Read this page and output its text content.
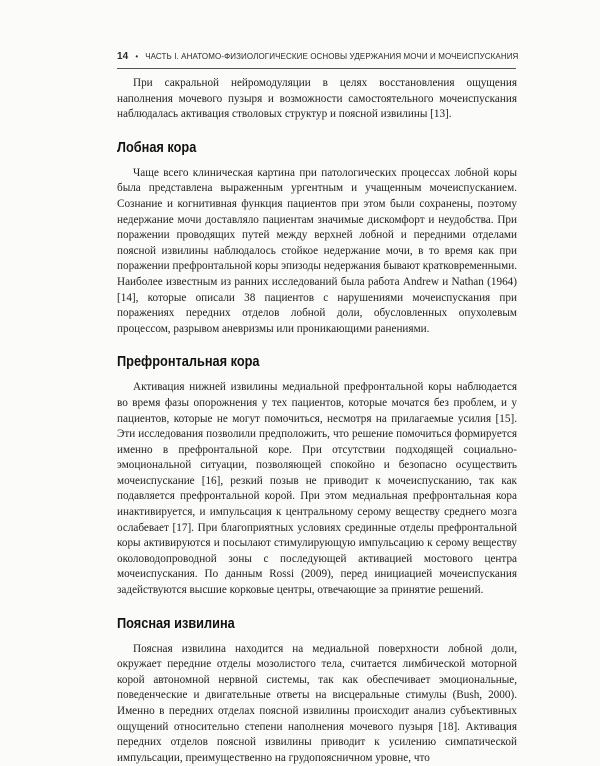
14 • ЧАСТЬ I. АНАТОМО-ФИЗИОЛОГИЧЕСКИЕ ОСНОВЫ УДЕРЖАНИЯ МОЧИ И МОЧЕИСПУСКАНИЯ

При сакральной нейромодуляции в целях восстановления ощущения наполнения мочевого пузыря и возможности самостоятельного мочеиспускания наблюдалась активация стволовых структур и поясной извилины [13].

Лобная кора

Чаще всего клиническая картина при патологических процессах лобной коры была представлена выраженным ургентным и учащенным мочеиспусканием. Сознание и когнитивная функция пациентов при этом были сохранены, поэтому недержание мочи доставляло пациентам значимые дискомфорт и неудобства. При поражении проводящих путей между верхней лобной и передними отделами поясной извилины наблюдалось стойкое недержание мочи, в то время как при поражении префронтальной коры эпизоды недержания бывают кратковременными. Наиболее известным из ранних исследований была работа Andrew и Nathan (1964) [14], которые описали 38 пациентов с нарушениями мочеиспускания при поражениях передних отделов лобной доли, обусловленных опухолевым процессом, разрывом аневризмы или проникающими ранениями.

Префронтальная кора

Активация нижней извилины медиальной префронтальной коры наблюдается во время фазы опорожнения у тех пациентов, которые мочатся без проблем, и у пациентов, которые не могут помочиться, несмотря на прилагаемые усилия [15]. Эти исследования позволили предположить, что решение помочиться формируется именно в префронтальной коре. При отсутствии подходящей социально-эмоциональной ситуации, позволяющей спокойно и безопасно осуществить мочеиспускание [16], резкий позыв не приводит к мочеиспусканию, так как подавляется префронтальной корой. При этом медиальная префронтальная кора инактивируется, и импульсация к центральному серому веществу среднего мозга ослабевает [17]. При благоприятных условиях срединные отделы префронтальной коры активируются и посылают стимулирующую импульсацию к серому веществу околоводопроводной зоны с последующей активацией мостового центра мочеиспускания. По данным Rossi (2009), перед инициацией мочеиспускания задействуются высшие корковые центры, отвечающие за принятие решений.

Поясная извилина

Поясная извилина находится на медиальной поверхности лобной доли, окружает передние отделы мозолистого тела, считается лимбической моторной корой автономной нервной системы, так как обеспечивает эмоциональные, поведенческие и двигательные ответы на висцеральные стимулы (Bush, 2000). Именно в передних отделах поясной извилины происходит анализ субъективных ощущений относительно степени наполнения мочевого пузыря [18]. Активация передних отделов поясной извилины приводит к усилению симпатической импульсации, преимущественно на грудопоясничном уровне, что
